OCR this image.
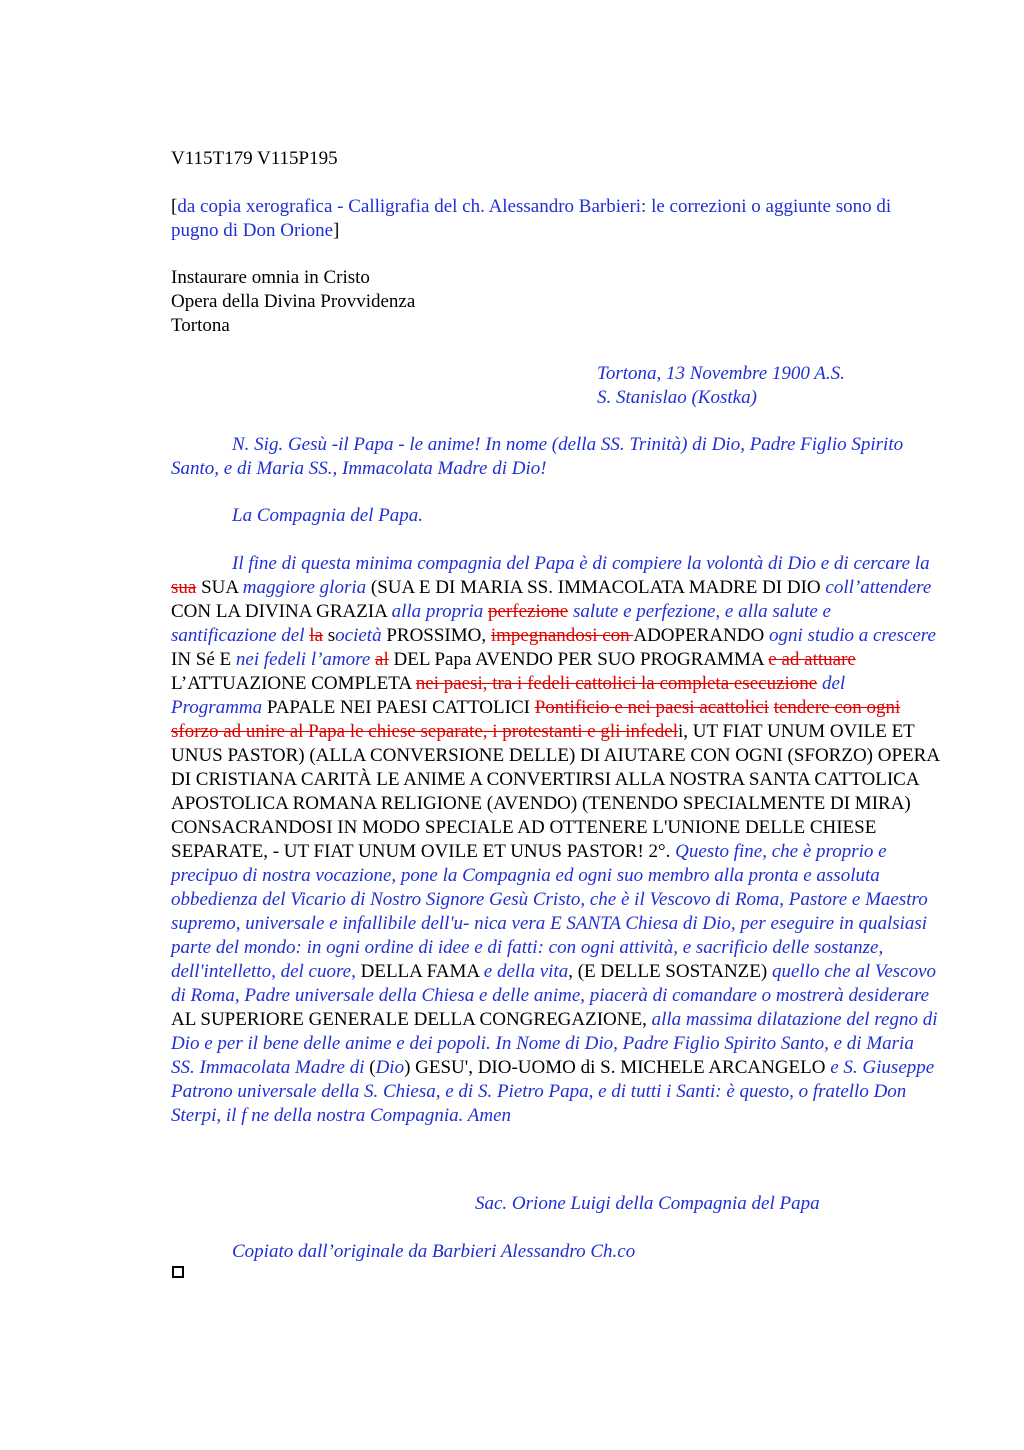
V115T179 V115P195
[da copia xerografica - Calligrafia del ch. Alessandro Barbieri: le correzioni o aggiunte sono di pugno di Don Orione]
Instaurare omnia in Cristo
Opera della Divina Provvidenza
Tortona
Tortona, 13 Novembre 1900 A.S.
S. Stanislao (Kostka)

N. Sig. Gesù -il Papa - le anime! In nome (della SS. Trinità) di Dio, Padre Figlio Spirito Santo, e di Maria SS., Immacolata Madre di Dio!

La Compagnia del Papa.

Il fine di questa minima compagnia del Papa è di compiere la volontà di Dio e di cercare la sua SUA maggiore gloria (SUA E DI MARIA SS. IMMACOLATA MADRE DI DIO coll’attendere CON LA DIVINA GRAZIA alla propria perfezione salute e perfezione, e alla salute e santificazione del la società PROSSIMO, impegnandosi con ADOPERANDO ogni studio a crescere IN Sé E nei fedeli l’amore al DEL Papa AVENDO PER SUO PROGRAMMA e ad attuare L’ATTUAZIONE COMPLETA nei paesi, tra i fedeli cattolici la completa esecuzione del Programma PAPALE NEI PAESI CATTOLICI Pontificio e nei paesi acattolici tendere con ogni sforzo ad unire al Papa le chiese separate, i protestanti e gli infedeli, UT FIAT UNUM OVILE ET UNUS PASTOR) (ALLA CONVERSIONE DELLE) DI AIUTARE CON OGNI (SFORZO) OPERA DI CRISTIANA CARITÀ LE ANIME A CONVERTIRSI ALLA NOSTRA SANTA CATTOLICA APOSTOLICA ROMANA RELIGIONE (AVENDO) (TENENDO SPECIALMENTE DI MIRA) CONSACRANDOSI IN MODO SPECIALE AD OTTENERE L'UNIONE DELLE CHIESE SEPARATE, - UT FIAT UNUM OVILE ET UNUS PASTOR! 2°. Questo fine, che è proprio e precipuo di nostra vocazione, pone la Compagnia ed ogni suo membro alla pronta e assoluta obbedienza del Vicario di Nostro Signore Gesù Cristo, che è il Vescovo di Roma, Pastore e Maestro supremo, universale e infallibile dell'u- nica vera E SANTA Chiesa di Dio, per eseguire in qualsiasi parte del mondo: in ogni ordine di idee e di fatti: con ogni attività, e sacrificio delle sostanze, dell'intelletto, del cuore, DELLA FAMA e della vita, (E DELLE SOSTANZE) quello che al Vescovo di Roma, Padre universale della Chiesa e delle anime, piacerà di comandare o mostrerà desiderare AL SUPERIORE GENERALE DELLA CONGREGAZIONE, alla massima dilatazione del regno di Dio e per il bene delle anime e dei popoli. In Nome di Dio, Padre Figlio Spirito Santo, e di Maria SS. Immacolata Madre di (Dio) GESU', DIO-UOMO di S. MICHELE ARCANGELO e S. Giuseppe Patrono universale della S. Chiesa, e di S. Pietro Papa, e di tutti i Santi: è questo, o fratello Don Sterpi, il f ne della nostra Compagnia. Amen

Sac. Orione Luigi della Compagnia del Papa

Copiato dall’originale da Barbieri Alessandro Ch.co
